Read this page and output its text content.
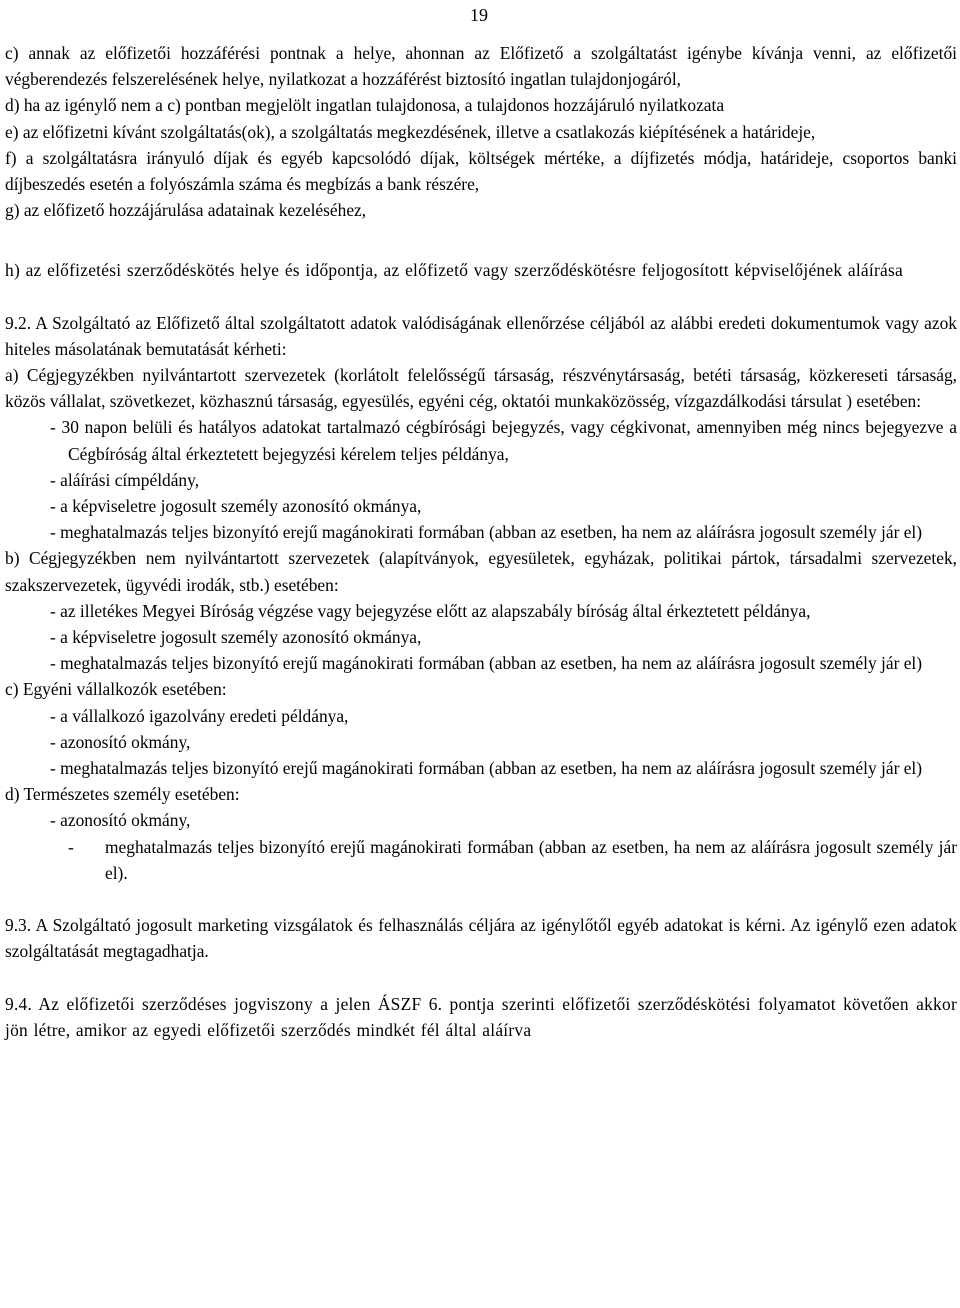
19

c) annak az előfizetői hozzáférési pontnak a helye, ahonnan az Előfizető a szolgáltatást igénybe kívánja venni, az előfizetői végberendezés felszerelésének helye, nyilatkozat a hozzáférést biztosító ingatlan tulajdonjogáról,

d) ha az igénylő nem a c) pontban megjelölt ingatlan tulajdonosa, a tulajdonos hozzájáruló nyilatkozata

e) az előfizetni kívánt szolgáltatás(ok), a szolgáltatás megkezdésének, illetve a csatlakozás kiépítésének a határideje,

f) a szolgáltatásra irányuló díjak és egyéb kapcsolódó díjak, költségek mértéke, a díjfizetés módja, határideje, csoportos banki díjbeszedés esetén a folyószámla száma és megbízás a bank részére,

g) az előfizető hozzájárulása adatainak kezeléséhez,

h) az előfizetési szerződéskötés helye és időpontja, az előfizető vagy szerződéskötésre feljogosított képviselőjének aláírása

9.2. A Szolgáltató az Előfizető által szolgáltatott adatok valódiságának ellenőrzése céljából az alábbi eredeti dokumentumok vagy azok hiteles másolatának bemutatását kérheti:

a) Cégjegyzékben nyilvántartott szervezetek (korlátolt felelősségű társaság, részvénytársaság, betéti társaság, közkereseti társaság, közös vállalat, szövetkezet, közhasznú társaság, egyesülés, egyéni cég, oktatói munkaközösség, vízgazdálkodási társulat ) esetében:

- 30 napon belüli és hatályos adatokat tartalmazó cégbírósági bejegyzés, vagy cégkivonat, amennyiben még nincs bejegyezve a Cégbíróság által érkeztetett bejegyzési kérelem teljes példánya,

- aláírási címpéldány,

- a képviseletre jogosult személy azonosító okmánya,

- meghatalmazás teljes bizonyító erejű magánokirati formában (abban az esetben, ha nem az aláírásra jogosult személy jár el)

b) Cégjegyzékben nem nyilvántartott szervezetek (alapítványok, egyesületek, egyházak, politikai pártok, társadalmi szervezetek, szakszervezetek, ügyvédi irodák, stb.) esetében:

- az illetékes Megyei Bíróság végzése vagy bejegyzése előtt az alapszabály bíróság által érkeztetett példánya,

- a képviseletre jogosult személy azonosító okmánya,

- meghatalmazás teljes bizonyító erejű magánokirati formában (abban az esetben, ha nem az aláírásra jogosult személy jár el)

c) Egyéni vállalkozók esetében:

- a vállalkozó igazolvány eredeti példánya,

- azonosító okmány,

- meghatalmazás teljes bizonyító erejű magánokirati formában (abban az esetben, ha nem az aláírásra jogosult személy jár el)

d) Természetes személy esetében:

- azonosító okmány,

- meghatalmazás teljes bizonyító erejű magánokirati formában (abban az esetben, ha nem az aláírásra jogosult személy jár el).

9.3. A Szolgáltató jogosult marketing vizsgálatok és felhasználás céljára az igénylőtől egyéb adatokat is kérni. Az igénylő ezen adatok szolgáltatását megtagadhatja.

9.4. Az előfizetői szerződéses jogviszony a jelen ÁSZF 6. pontja szerinti előfizetői szerződéskötési folyamatot követően akkor jön létre, amikor az egyedi előfizetői szerződés mindkét fél által aláírva
